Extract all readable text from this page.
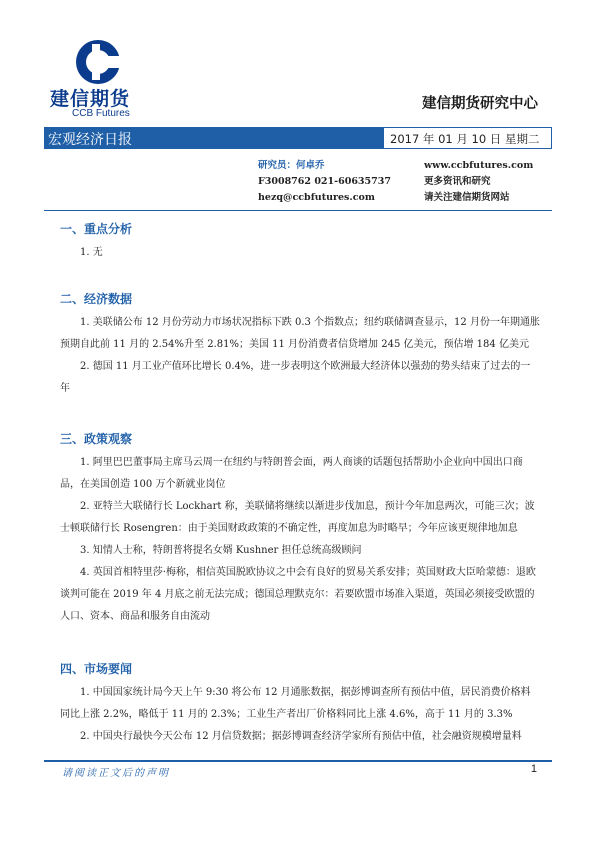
建信期货
CCB Futures
建信期货研究中心
宏观经济日报	2017 年 01 月 10 日 星期二
研究员：何卓乔
F3008762 021-60635737
hezq@ccbfutures.com
www.ccbfutures.com
更多资讯和研究
请关注建信期货网站
一、重点分析

1. 无

二、经济数据

1. 美联储公布 12 月份劳动力市场状况指标下跌 0.3 个指数点；纽约联储调查显示，12 月份一年期通胀预期自此前 11 月的 2.54%升至 2.81%；美国 11 月份消费者信贷增加 245 亿美元，预估增 184 亿美元

2. 德国 11 月工业产值环比增长 0.4%，进一步表明这个欧洲最大经济体以强劲的势头结束了过去的一年

三、政策观察

1. 阿里巴巴董事局主席马云周一在纽约与特朗普会面，两人商谈的话题包括帮助小企业向中国出口商品，在美国创造 100 万个新就业岗位

2. 亚特兰大联储行长 Lockhart 称，美联储将继续以渐进步伐加息，预计今年加息两次，可能三次；波士顿联储行长 Rosengren：由于美国财政政策的不确定性，再度加息为时略早；今年应该更规律地加息

3. 知情人士称，特朗普将提名女婿 Kushner 担任总统高级顾问

4. 英国首相特里莎·梅称，相信英国脱欧协议之中会有良好的贸易关系安排；英国财政大臣哈蒙德：退欧谈判可能在 2019 年 4 月底之前无法完成；德国总理默克尔：若要欧盟市场准入渠道，英国必须接受欧盟的人口、资本、商品和服务自由流动

四、市场要闻

1. 中国国家统计局今天上午 9:30 将公布 12 月通胀数据，据彭博调查所有预估中值，居民消费价格料同比上涨 2.2%，略低于 11 月的 2.3%；工业生产者出厂价格料同比上涨 4.6%，高于 11 月的 3.3%

2. 中国央行最快今天公布 12 月信贷数据；据彭博调查经济学家所有预估中值，社会融资规模增量料

请阅读正文后的声明	1
